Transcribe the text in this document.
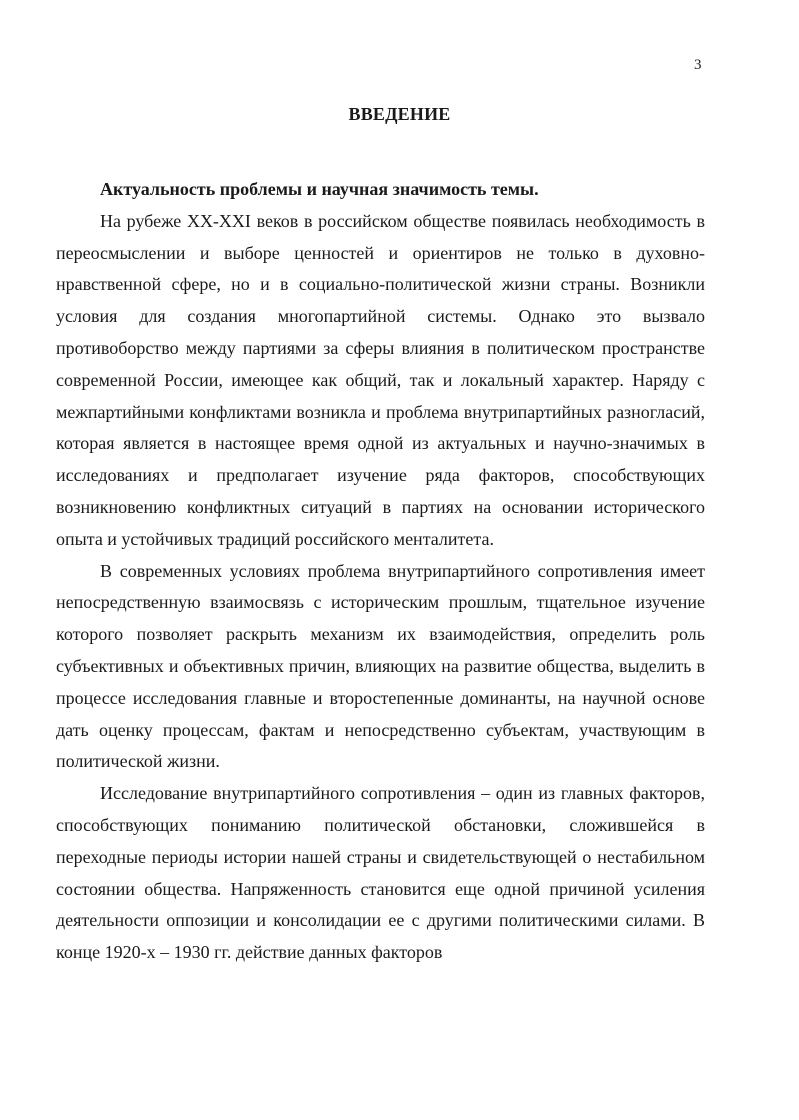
3
ВВЕДЕНИЕ

Актуальность проблемы и научная значимость темы.

На рубеже XX-XXI веков в российском обществе появилась необходимость в переосмыслении и выборе ценностей и ориентиров не только в духовно-нравственной сфере, но и в социально-политической жизни страны. Возникли условия для создания многопартийной системы. Однако это вызвало противоборство между партиями за сферы влияния в политическом пространстве современной России, имеющее как общий, так и локальный характер. Наряду с межпартийными конфликтами возникла и проблема внутрипартийных разногласий, которая является в настоящее время одной из актуальных и научно-значимых в исследованиях и предполагает изучение ряда факторов, способствующих возникновению конфликтных ситуаций в партиях на основании исторического опыта и устойчивых традиций российского менталитета.

В современных условиях проблема внутрипартийного сопротивления имеет непосредственную взаимосвязь с историческим прошлым, тщательное изучение которого позволяет раскрыть механизм их взаимодействия, определить роль субъективных и объективных причин, влияющих на развитие общества, выделить в процессе исследования главные и второстепенные доминанты, на научной основе дать оценку процессам, фактам и непосредственно субъектам, участвующим в политической жизни.

Исследование внутрипартийного сопротивления – один из главных факторов, способствующих пониманию политической обстановки, сложившейся в переходные периоды истории нашей страны и свидетельствующей о нестабильном состоянии общества. Напряженность становится еще одной причиной усиления деятельности оппозиции и консолидации ее с другими политическими силами. В конце 1920-х – 1930 гг. действие данных факторов
